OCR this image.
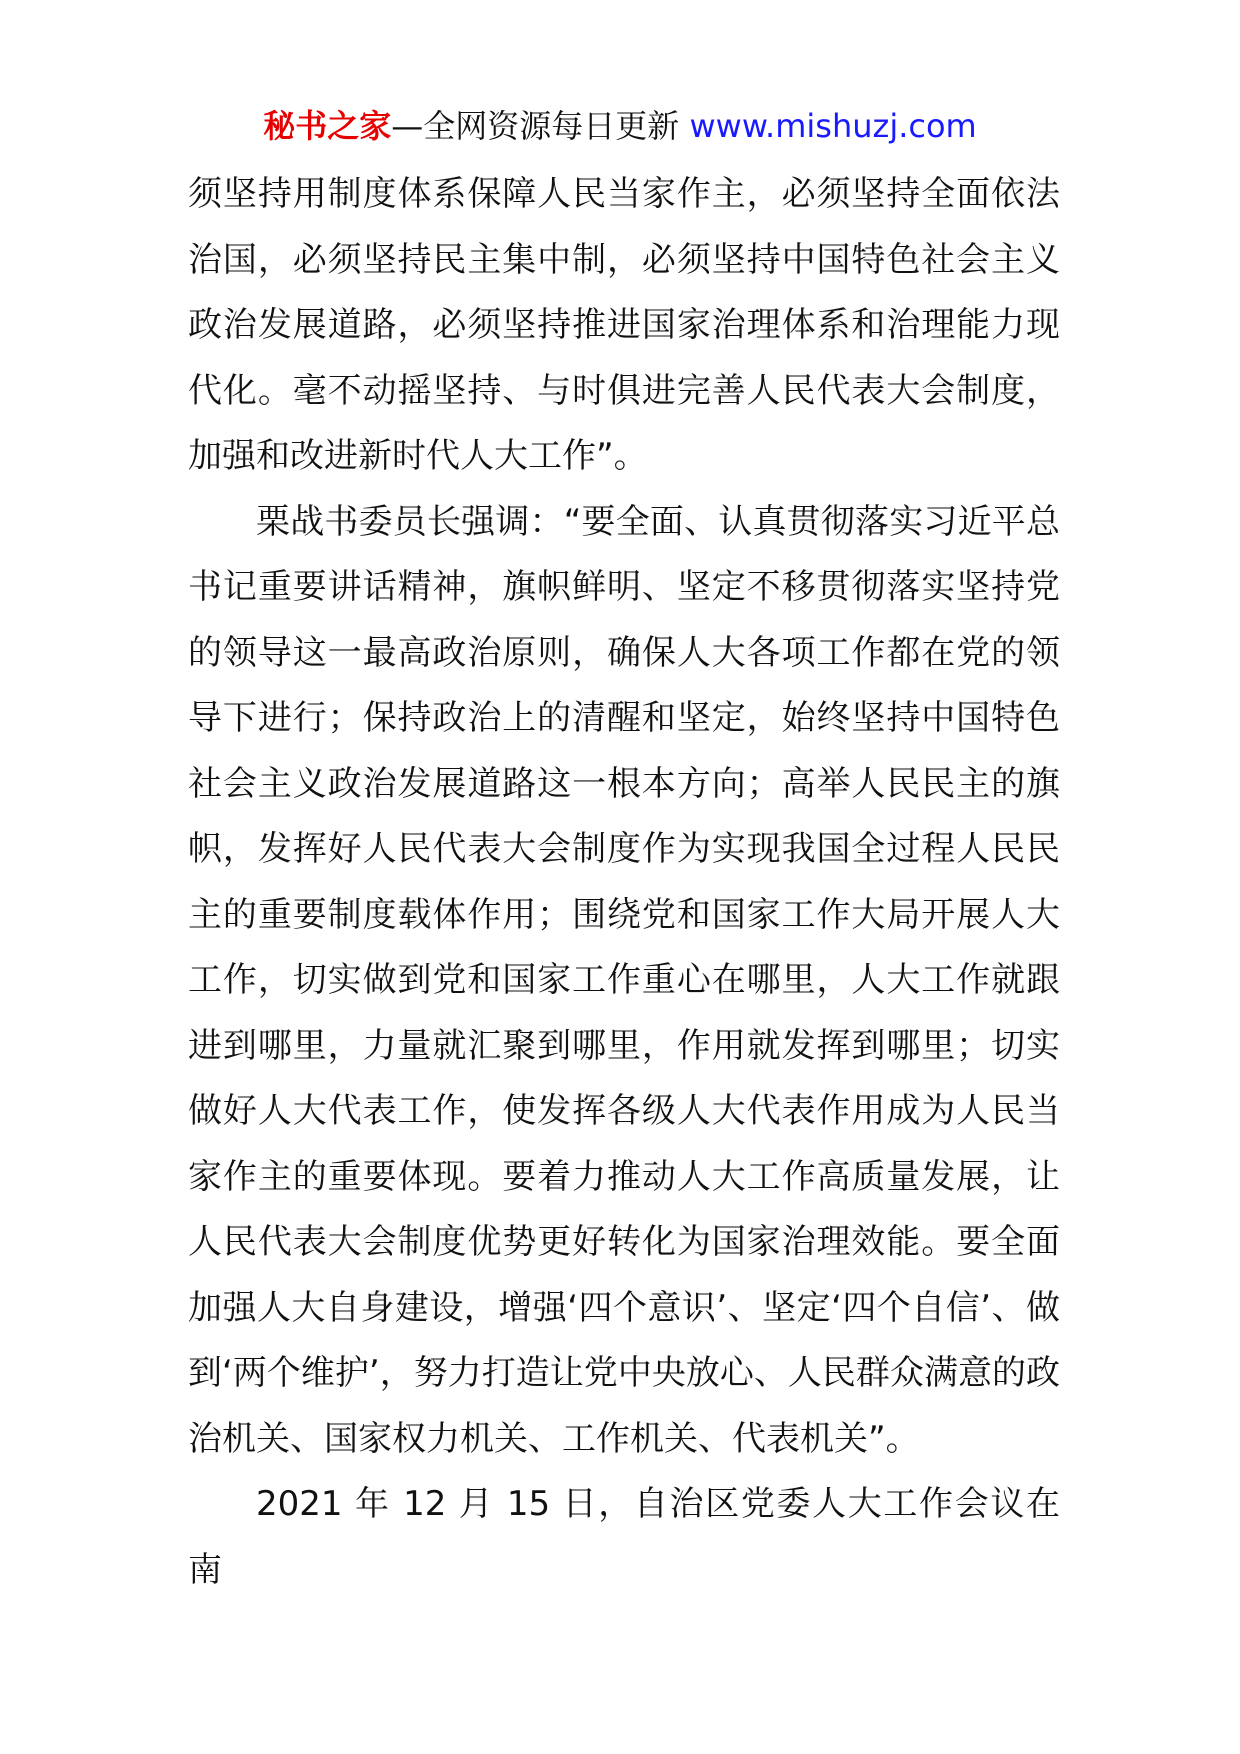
秘书之家—全网资源每日更新 www.mishuzj.com

须坚持用制度体系保障人民当家作主，必须坚持全面依法治国，必须坚持民主集中制，必须坚持中国特色社会主义政治发展道路，必须坚持推进国家治理体系和治理能力现代化。毫不动摇坚持、与时俱进完善人民代表大会制度，加强和改进新时代人大工作”。

栗战书委员长强调：“要全面、认真贯彻落实习近平总书记重要讲话精神，旗帜鲜明、坚定不移贯彻落实坚持党的领导这一最高政治原则，确保人大各项工作都在党的领导下进行；保持政治上的清醒和坚定，始终坚持中国特色社会主义政治发展道路这一根本方向；高举人民民主的旗帜，发挥好人民代表大会制度作为实现我国全过程人民民主的重要制度载体作用；围绕党和国家工作大局开展人大工作，切实做到党和国家工作重心在哪里，人大工作就跟进到哪里，力量就汇聚到哪里，作用就发挥到哪里；切实做好人大代表工作，使发挥各级人大代表作用成为人民当家作主的重要体现。要着力推动人大工作高质量发展，让人民代表大会制度优势更好转化为国家治理效能。要全面加强人大自身建设，增强‘四个意识’、坚定‘四个自信’、做到‘两个维护’，努力打造让党中央放心、人民群众满意的政治机关、国家权力机关、工作机关、代表机关”。

2021 年 12 月 15 日，自治区党委人大工作会议在南
